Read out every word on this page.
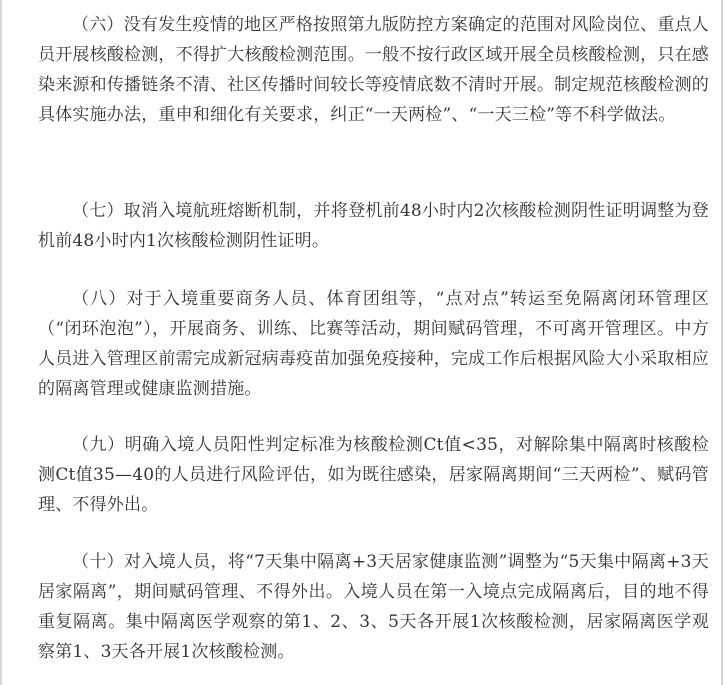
（六）没有发生疫情的地区严格按照第九版防控方案确定的范围对风险岗位、重点人员开展核酸检测，不得扩大核酸检测范围。一般不按行政区域开展全员核酸检测，只在感染来源和传播链条不清、社区传播时间较长等疫情底数不清时开展。制定规范核酸检测的具体实施办法，重申和细化有关要求，纠正“一天两检”、“一天三检”等不科学做法。

（七）取消入境航班熔断机制，并将登机前48小时内2次核酸检测阴性证明调整为登机前48小时内1次核酸检测阴性证明。

（八）对于入境重要商务人员、体育团组等，“点对点”转运至免隔离闭环管理区（“闭环泡泡”），开展商务、训练、比赛等活动，期间赋码管理，不可离开管理区。中方人员进入管理区前需完成新冠病毒疫苗加强免疫接种，完成工作后根据风险大小采取相应的隔离管理或健康监测措施。

（九）明确入境人员阳性判定标准为核酸检测Ct值<35，对解除集中隔离时核酸检测Ct值35—40的人员进行风险评估，如为既往感染，居家隔离期间“三天两检”、赋码管理、不得外出。

（十）对入境人员，将“7天集中隔离+3天居家健康监测”调整为“5天集中隔离+3天居家隔离”，期间赋码管理、不得外出。入境人员在第一入境点完成隔离后，目的地不得重复隔离。集中隔离医学观察的第1、2、3、5天各开展1次核酸检测，居家隔离医学观察第1、3天各开展1次核酸检测。
